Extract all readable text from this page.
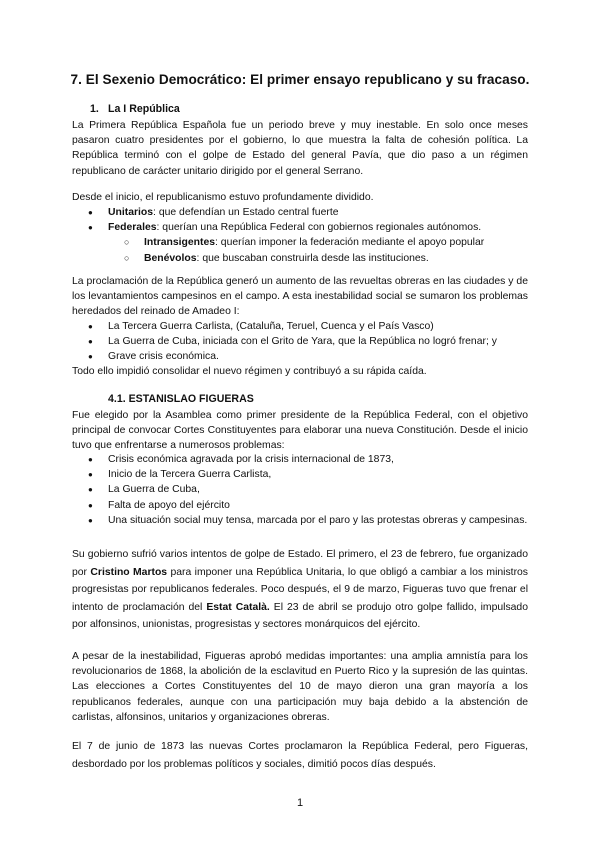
7. El Sexenio Democrático: El primer ensayo republicano y su fracaso.
1. La I República

La Primera República Española fue un periodo breve y muy inestable. En solo once meses pasaron cuatro presidentes por el gobierno, lo que muestra la falta de cohesión política. La República terminó con el golpe de Estado del general Pavía, que dio paso a un régimen republicano de carácter unitario dirigido por el general Serrano.

Desde el inicio, el republicanismo estuvo profundamente dividido.

● Unitarios: que defendían un Estado central fuerte
● Federales: querían una República Federal con gobiernos regionales autónomos.
○ Intransigentes: querían imponer la federación mediante el apoyo popular
○ Benévolos: que buscaban construirla desde las instituciones.

La proclamación de la República generó un aumento de las revueltas obreras en las ciudades y de los levantamientos campesinos en el campo. A esta inestabilidad social se sumaron los problemas heredados del reinado de Amadeo I:

● La Tercera Guerra Carlista, (Cataluña, Teruel, Cuenca y el País Vasco)
● La Guerra de Cuba, iniciada con el Grito de Yara, que la República no logró frenar; y
● Grave crisis económica.

Todo ello impidió consolidar el nuevo régimen y contribuyó a su rápida caída.

4.1. ESTANISLAO FIGUERAS

Fue elegido por la Asamblea como primer presidente de la República Federal, con el objetivo principal de convocar Cortes Constituyentes para elaborar una nueva Constitución. Desde el inicio tuvo que enfrentarse a numerosos problemas:

● Crisis económica agravada por la crisis internacional de 1873,
● Inicio de la Tercera Guerra Carlista,
● La Guerra de Cuba,
● Falta de apoyo del ejército
● Una situación social muy tensa, marcada por el paro y las protestas obreras y campesinas.

Su gobierno sufrió varios intentos de golpe de Estado. El primero, el 23 de febrero, fue organizado por Cristino Martos para imponer una República Unitaria, lo que obligó a cambiar a los ministros progresistas por republicanos federales. Poco después, el 9 de marzo, Figueras tuvo que frenar el intento de proclamación del Estat Català. El 23 de abril se produjo otro golpe fallido, impulsado por alfonsinos, unionistas, progresistas y sectores monárquicos del ejército.

A pesar de la inestabilidad, Figueras aprobó medidas importantes: una amplia amnistía para los revolucionarios de 1868, la abolición de la esclavitud en Puerto Rico y la supresión de las quintas. Las elecciones a Cortes Constituyentes del 10 de mayo dieron una gran mayoría a los republicanos federales, aunque con una participación muy baja debido a la abstención de carlistas, alfonsinos, unitarios y organizaciones obreras.

El 7 de junio de 1873 las nuevas Cortes proclamaron la República Federal, pero Figueras, desbordado por los problemas políticos y sociales, dimitió pocos días después.

1
